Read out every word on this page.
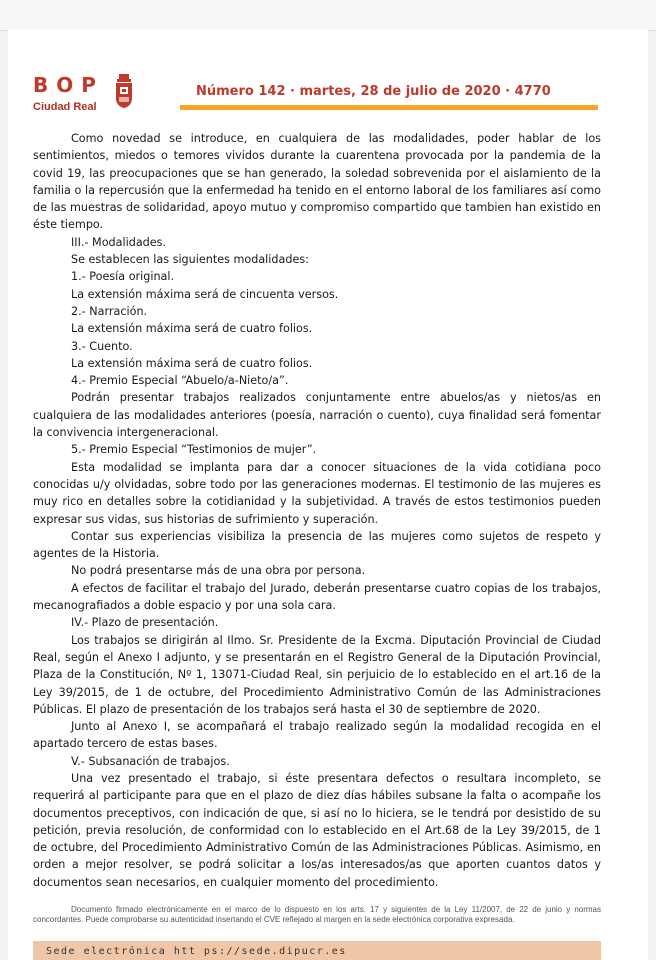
BOP
Ciudad Real
Número 142 · martes, 28 de julio de 2020 · 4770

Como novedad se introduce, en cualquiera de las modalidades, poder hablar de los sentimientos, miedos o temores vividos durante la cuarentena provocada por la pandemia de la covid 19, las preocupaciones que se han generado, la soledad sobrevenida por el aislamiento de la familia o la repercusión que la enfermedad ha tenido en el entorno laboral de los familiares así como de las muestras de solidaridad, apoyo mutuo y compromiso compartido que tambien han existido en éste tiempo.

III.- Modalidades.

Se establecen las siguientes modalidades:

1.- Poesía original.

La extensión máxima será de cincuenta versos.

2.- Narración.

La extensión máxima será de cuatro folios.

3.- Cuento.

La extensión máxima será de cuatro folios.

4.- Premio Especial “Abuelo/a-Nieto/a”.

Podrán presentar trabajos realizados conjuntamente entre abuelos/as y nietos/as en cualquiera de las modalidades anteriores (poesía, narración o cuento), cuya finalidad será fomentar la convivencia intergeneracional.

5.- Premio Especial “Testimonios de mujer”.

Esta modalidad se implanta para dar a conocer situaciones de la vida cotidiana poco conocidas u/y olvidadas, sobre todo por las generaciones modernas. El testimonio de las mujeres es muy rico en detalles sobre la cotidianidad y la subjetividad. A través de estos testimonios pueden expresar sus vidas, sus historias de sufrimiento y superación.

Contar sus experiencias visibiliza la presencia de las mujeres como sujetos de respeto y agentes de la Historia.

No podrá presentarse más de una obra por persona.

A efectos de facilitar el trabajo del Jurado, deberán presentarse cuatro copias de los trabajos, mecanografiados a doble espacio y por una sola cara.

IV.- Plazo de presentación.

Los trabajos se dirigirán al Ilmo. Sr. Presidente de la Excma. Diputación Provincial de Ciudad Real, según el Anexo I adjunto, y se presentarán en el Registro General de la Diputación Provincial, Plaza de la Constitución, Nº 1, 13071-Ciudad Real, sin perjuicio de lo establecido en el art.16 de la Ley 39/2015, de 1 de octubre, del Procedimiento Administrativo Común de las Administraciones Públicas. El plazo de presentación de los trabajos será hasta el 30 de septiembre de 2020.

Junto al Anexo I, se acompañará el trabajo realizado según la modalidad recogida en el apartado tercero de estas bases.

V.- Subsanación de trabajos.

Una vez presentado el trabajo, si éste presentara defectos o resultara incompleto, se requerirá al participante para que en el plazo de diez días hábiles subsane la falta o acompañe los documentos preceptivos, con indicación de que, si así no lo hiciera, se le tendrá por desistido de su petición, previa resolución, de conformidad con lo establecido en el Art.68 de la Ley 39/2015, de 1 de octubre, del Procedimiento Administrativo Común de las Administraciones Públicas. Asimismo, en orden a mejor resolver, se podrá solicitar a los/as interesados/as que aporten cuantos datos y documentos sean necesarios, en cualquier momento del procedimiento.

Documento firmado electrónicamente en el marco de lo dispuesto en los arts. 17 y siguientes de la Ley 11/2007, de 22 de junio y normas concordantes. Puede comprobarse su autenticidad insertando el CVE reflejado al margen en la sede electrónica corporativa expresada.

Sede electrónica htt ps://sede.dipucr.es
